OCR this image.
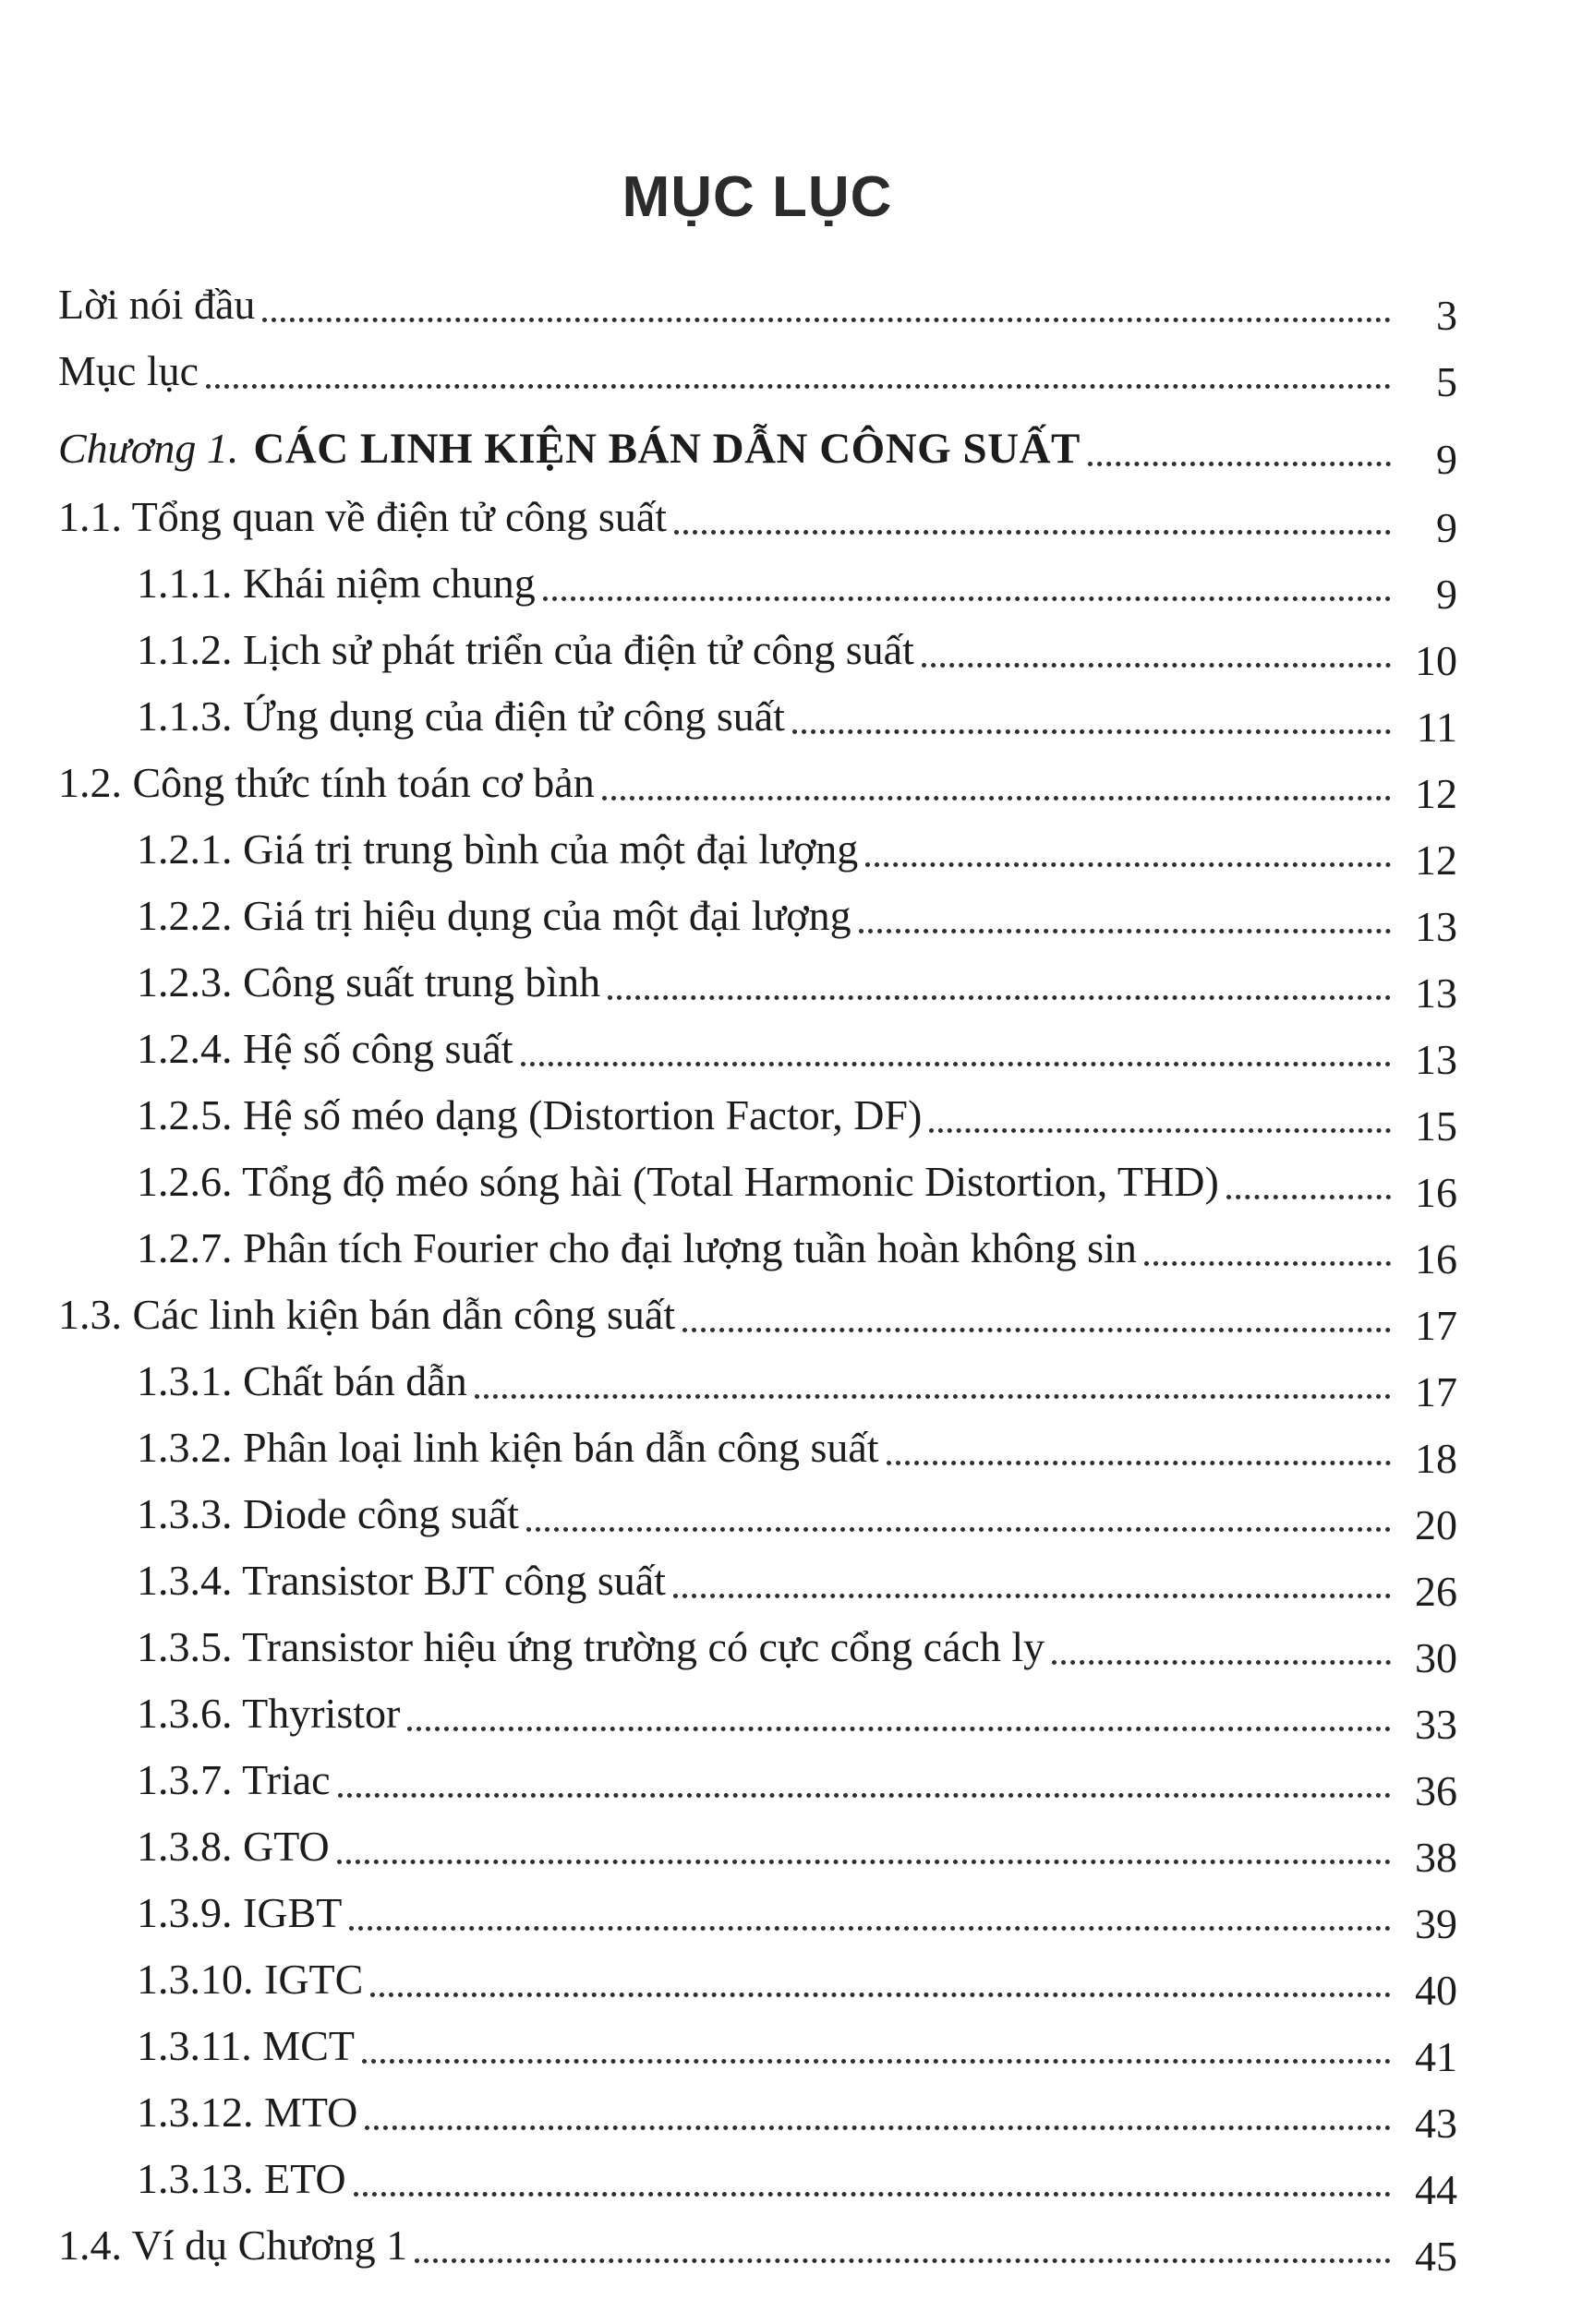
MỤC LỤC
Lời nói đầu	3
Mục lục	5
Chương 1. CÁC LINH KIỆN BÁN DẪN CÔNG SUẤT	9
1.1. Tổng quan về điện tử công suất	9
1.1.1. Khái niệm chung	9
1.1.2. Lịch sử phát triển của điện tử công suất	10
1.1.3. Ứng dụng của điện tử công suất	11
1.2. Công thức tính toán cơ bản	12
1.2.1. Giá trị trung bình của một đại lượng	12
1.2.2. Giá trị hiệu dụng của một đại lượng	13
1.2.3. Công suất trung bình	13
1.2.4. Hệ số công suất	13
1.2.5. Hệ số méo dạng (Distortion Factor, DF)	15
1.2.6. Tổng độ méo sóng hài (Total Harmonic Distortion, THD)	16
1.2.7. Phân tích Fourier cho đại lượng tuần hoàn không sin	16
1.3. Các linh kiện bán dẫn công suất	17
1.3.1. Chất bán dẫn	17
1.3.2. Phân loại linh kiện bán dẫn công suất	18
1.3.3. Diode công suất	20
1.3.4. Transistor BJT công suất	26
1.3.5. Transistor hiệu ứng trường có cực cổng cách ly	30
1.3.6. Thyristor	33
1.3.7. Triac	36
1.3.8. GTO	38
1.3.9. IGBT	39
1.3.10. IGTC	40
1.3.11. MCT	41
1.3.12. MTO	43
1.3.13. ETO	44
1.4. Ví dụ Chương 1	45
